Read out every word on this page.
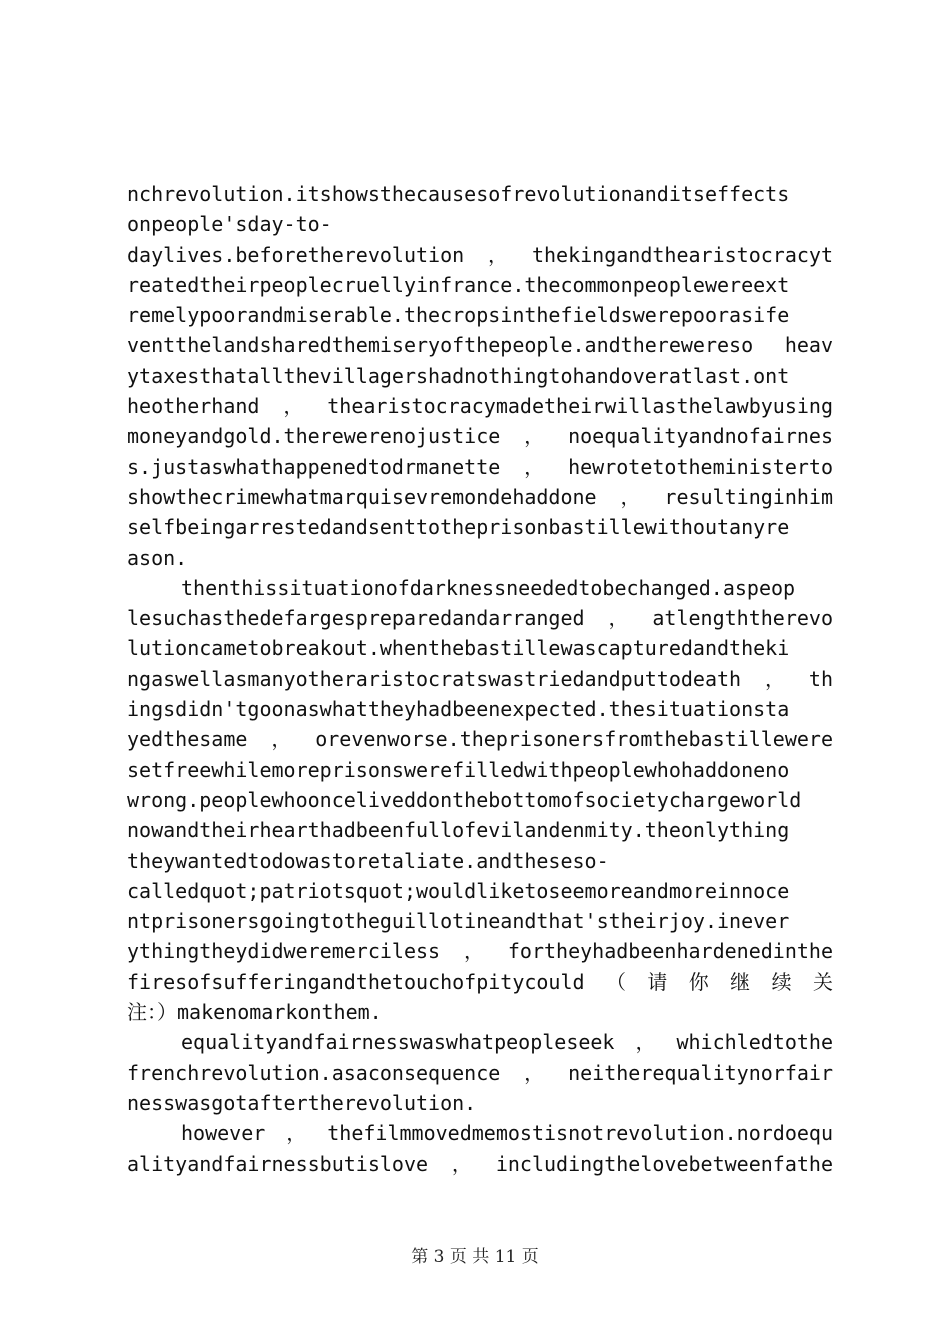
nchrevolution.itshowsthecausesofrevolutionanditseffects
onpeople'sday-to-
daylives.beforetherevolution，thekingandthearistocracyt
reatedtheirpeoplecruellyinfrance.thecommonpeoplewereext
remelypoorandmiserable.thecropsinthefieldswerepoorasife
ventthelandsharedthemiseryofthepeople.andtherewereso heav
ytaxesthatallthevillagershadnothingtohandoveratlast.ont
heotherhand，thearistocracymadetheirwillasthelawbyusing
moneyandgold.therewerenojustice，noequalityandnofairnes
s.justaswhathappenedtodrmanette，hewrotetotheministerto
showthecrimewhatmarquisevremondehaddone，resultinginhim
selfbeingarrestedandsenttotheprisonbastillewithoutanyre
ason.
thenthissituationofdarknessneededtobechanged.aspeop
lesuchasthedefargespreparedandarranged，atlengththerevo
lutioncametobreakout.whenthebastillewascapturedandtheki
ngaswellasmanyotheraristocratswastriedandputtodeath，th
ingsdidn'tgoonaswhattheyhadbeenexpected.thesituationsta
yedthesame，orevenworse.theprisonersfromthebastillewere
setfreewhilemoreprisonswerefilledwithpeoplewhohaddoneno
wrong.peoplewhoonceliveddonthebottomofsocietychargeworld
nowandtheirhearthadbeenfullofevilandenmity.theonlything
theywantedtodowastoretaliate.andtheseso-
calledquot;patriotsquot;wouldliketoseemoreandmoreinnoce
ntprisonersgoingtotheguillotineandthat'stheirjoy.inever
ythingtheydidweremerciless，fortheyhadbeenhardenedinthe
firesofsufferingandthetouchofpitycould（请你继续关
注：）makenomarkonthem.
equalityandfairnesswaswhatpeopleseek，whichledtothe
frenchrevolution.asaconsequence，neitherequalitynorfair
nesswasgotaftertherevolution.
however，thefilmmovedmemostisnotrevolution.nordoequ
alityandfairnessbutislove，includingthelovebetweenfathe
第 3 页 共 11 页
